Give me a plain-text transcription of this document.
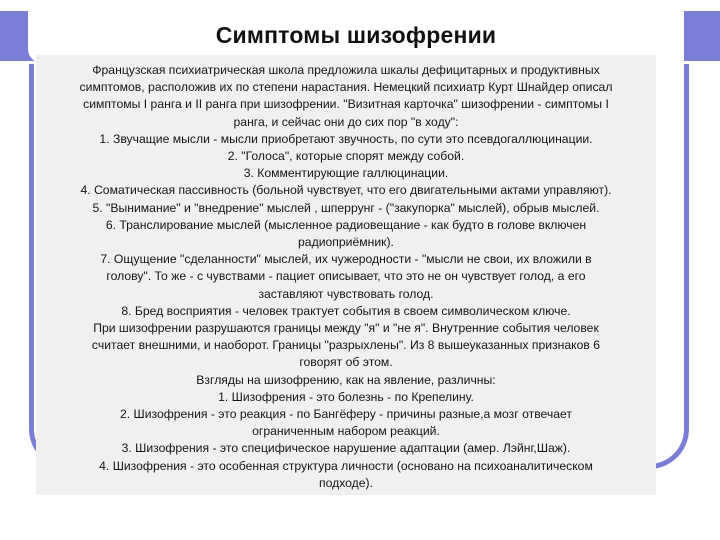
Симптомы шизофрении
Французская психиатрическая школа предложила шкалы дефицитарных и продуктивных
симптомов, расположив их по степени нарастания. Немецкий психиатр Курт Шнайдер описал
симптомы I ранга и II ранга при шизофрении. "Визитная карточка" шизофрении - симптомы I
ранга, и сейчас они до сих пор "в ходу":
1. Звучащие мысли - мысли приобретают звучность, по сути это псевдогаллюцинации.
2. "Голоса", которые спорят между собой.
3. Комментирующие галлюцинации.
4. Соматическая пассивность (больной чувствует, что его двигательными актами управляют).
5. "Вынимание" и "внедрение" мыслей , шперрунг - ("закупорка" мыслей), обрыв мыслей.
6. Транслирование мыслей (мысленное радиовещание - как будто в голове включен
радиоприёмник).
7. Ощущение "сделанности" мыслей, их чужеродности - "мысли не свои, их вложили в
голову". То же - с чувствами - пациет описывает, что это не он чувствует голод, а его
заставляют чувствовать голод.
8. Бред восприятия - человек трактует события в своем символическом ключе.
При шизофрении разрушаются границы между "я" и "не я". Внутренние события человек
считает внешними, и наоборот. Границы "разрыхлены". Из 8 вышеуказанных признаков 6
говорят об этом.
Взгляды на шизофрению, как на явление, различны:
1. Шизофрения - это болезнь - по Крепелину.
2. Шизофрения - это реакция - по Бангёферу - причины разные,а мозг отвечает
ограниченным набором реакций.
3. Шизофрения - это специфическое нарушение адаптации (амер. Лэйнг,Шаж).
4. Шизофрения - это особенная структура личности (основано на психоаналитическом
подходе).
